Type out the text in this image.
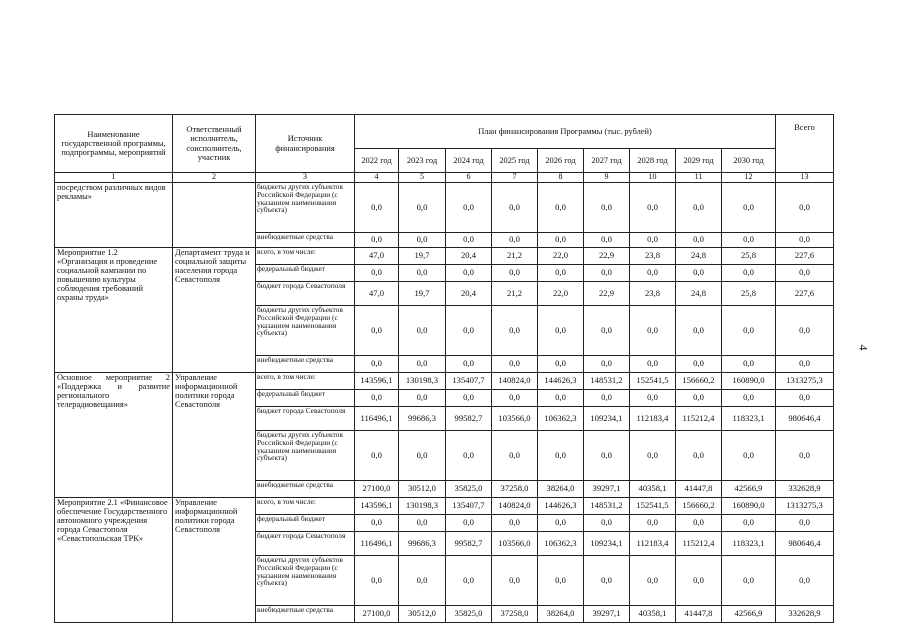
Наименование государственной программы, подпрограммы, мероприятий	Ответственный исполнитель, соисполнитель, участник	Источник финансирования	План финансирования Программы (тыс. рублей)									Всего
			2022 год	2023 год	2024 год	2025 год	2026 год	2027 год	2028 год	2029 год	2030 год	
1	2	3	4	5	6	7	8	9	10	11	12	13
посредством различных видов рекламы»		бюджеты других субъектов Российской Федерации (с указанием наименования субъекта)	0,0	0,0	0,0	0,0	0,0	0,0	0,0	0,0	0,0	0,0
		внебюджетные средства	0,0	0,0	0,0	0,0	0,0	0,0	0,0	0,0	0,0	0,0
Мероприятие 1.2 «Организация и проведение социальной кампании по повышению культуры соблюдения требований охраны труда»	Департамент труда и социальной защиты населения города Севастополя	всего, в том числе:	47,0	19,7	20,4	21,2	22,0	22,9	23,8	24,8	25,8	227,6
		федеральный бюджет	0,0	0,0	0,0	0,0	0,0	0,0	0,0	0,0	0,0	0,0
		бюджет города Севастополя	47,0	19,7	20,4	21,2	22,0	22,9	23,8	24,8	25,8	227,6
		бюджеты других субъектов Российской Федерации (с указанием наименования субъекта)	0,0	0,0	0,0	0,0	0,0	0,0	0,0	0,0	0,0	0,0
		внебюджетные средства	0,0	0,0	0,0	0,0	0,0	0,0	0,0	0,0	0,0	0,0
Основное мероприятие 2 «Поддержка и развитие регионального телерадиовещания»	Управление информационной политики города Севастополя	всего, в том числе:	143596,1	130198,3	135407,7	140824,0	144626,3	148531,2	152541,5	156660,2	160890,0	1313275,3
		федеральный бюджет	0,0	0,0	0,0	0,0	0,0	0,0	0,0	0,0	0,0	0,0
		бюджет города Севастополя	116496,1	99686,3	99582,7	103566,0	106362,3	109234,1	112183,4	115212,4	118323,1	980646,4
		бюджеты других субъектов Российской Федерации (с указанием наименования субъекта)	0,0	0,0	0,0	0,0	0,0	0,0	0,0	0,0	0,0	0,0
		внебюджетные средства	27100,0	30512,0	35825,0	37258,0	38264,0	39297,1	40358,1	41447,8	42566,9	332628,9
Мероприятие 2.1 «Финансовое обеспечение Государственного автономного учреждения города Севастополя «Севастопольская ТРК»	Управление информационной политики города Севастополя	всего, в том числе:	143596,1	130198,3	135407,7	140824,0	144626,3	148531,2	152541,5	156660,2	160890,0	1313275,3
		федеральный бюджет	0,0	0,0	0,0	0,0	0,0	0,0	0,0	0,0	0,0	0,0
		бюджет города Севастополя	116496,1	99686,3	99582,7	103566,0	106362,3	109234,1	112183,4	115212,4	118323,1	980646,4
		бюджеты других субъектов Российской Федерации (с указанием наименования субъекта)	0,0	0,0	0,0	0,0	0,0	0,0	0,0	0,0	0,0	0,0
		внебюджетные средства	27100,0	30512,0	35825,0	37258,0	38264,0	39297,1	40358,1	41447,8	42566,9	332628,9
4
